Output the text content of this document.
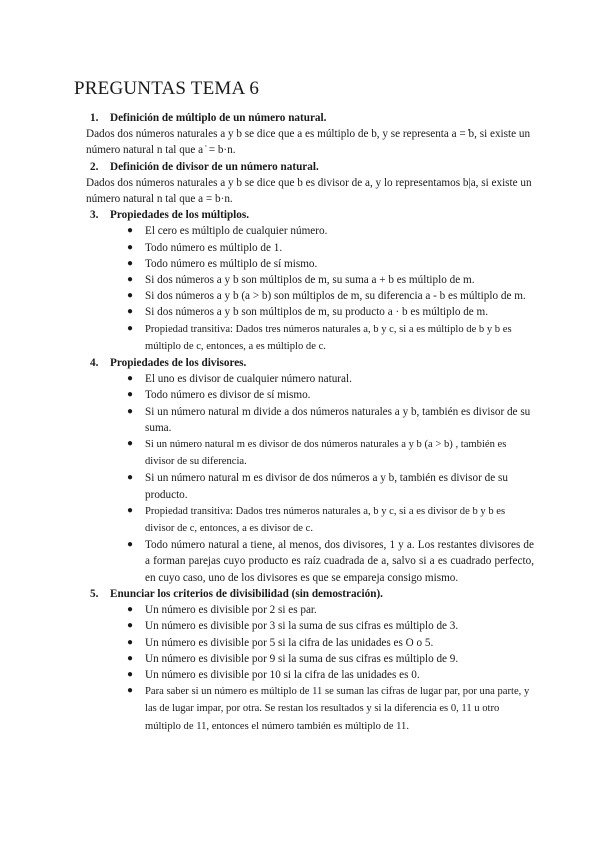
PREGUNTAS TEMA 6
1. Definición de múltiplo de un número natural.

Dados dos números naturales a y b se dice que a es múltiplo de b, y se representa a = ̇b, si existe un número natural n tal que a ̇ = b·n.

2. Definición de divisor de un número natural.

Dados dos números naturales a y b se dice que b es divisor de a, y lo representamos b|a, si existe un número natural n tal que a = b·n.

3. Propiedades de los múltiplos.
● El cero es múltiplo de cualquier número.
● Todo número es múltiplo de 1.
● Todo número es múltiplo de sí mismo.
● Si dos números a y b son múltiplos de m, su suma a + b es múltiplo de m.
● Si dos números a y b (a > b) son múltiplos de m, su diferencia a - b es múltiplo de m.
● Si dos números a y b son múltiplos de m, su producto a · b es múltiplo de m.
● Propiedad transitiva: Dados tres números naturales a, b y c, si a es múltiplo de b y b es múltiplo de c, entonces, a es múltiplo de c.
4. Propiedades de los divisores.
● El uno es divisor de cualquier número natural.
● Todo número es divisor de sí mismo.
● Si un número natural m divide a dos números naturales a y b, también es divisor de su suma.
● Si un número natural m es divisor de dos números naturales a y b (a > b) , también es divisor de su diferencia.
● Si un número natural m es divisor de dos números a y b, también es divisor de su producto.
● Propiedad transitiva: Dados tres números naturales a, b y c, si a es divisor de b y b es divisor de c, entonces, a es divisor de c.
● Todo número natural a tiene, al menos, dos divisores, 1 y a. Los restantes divisores de a forman parejas cuyo producto es raíz cuadrada de a, salvo si a es cuadrado perfecto, en cuyo caso, uno de los divisores es que se empareja consigo mismo.
5. Enunciar los criterios de divisibilidad (sin demostración).
● Un número es divisible por 2 si es par.
● Un número es divisible por 3 si la suma de sus cifras es múltiplo de 3.
● Un número es divisible por 5 si la cifra de las unidades es O o 5.
● Un número es divisible por 9 si la suma de sus cifras es múltiplo de 9.
● Un número es divisible por 10 si la cifra de las unidades es 0.
● Para saber si un número es múltiplo de 11 se suman las cifras de lugar par, por una parte, y las de lugar impar, por otra. Se restan los resultados y si la diferencia es 0, 11 u otro múltiplo de 11, entonces el número también es múltiplo de 11.
